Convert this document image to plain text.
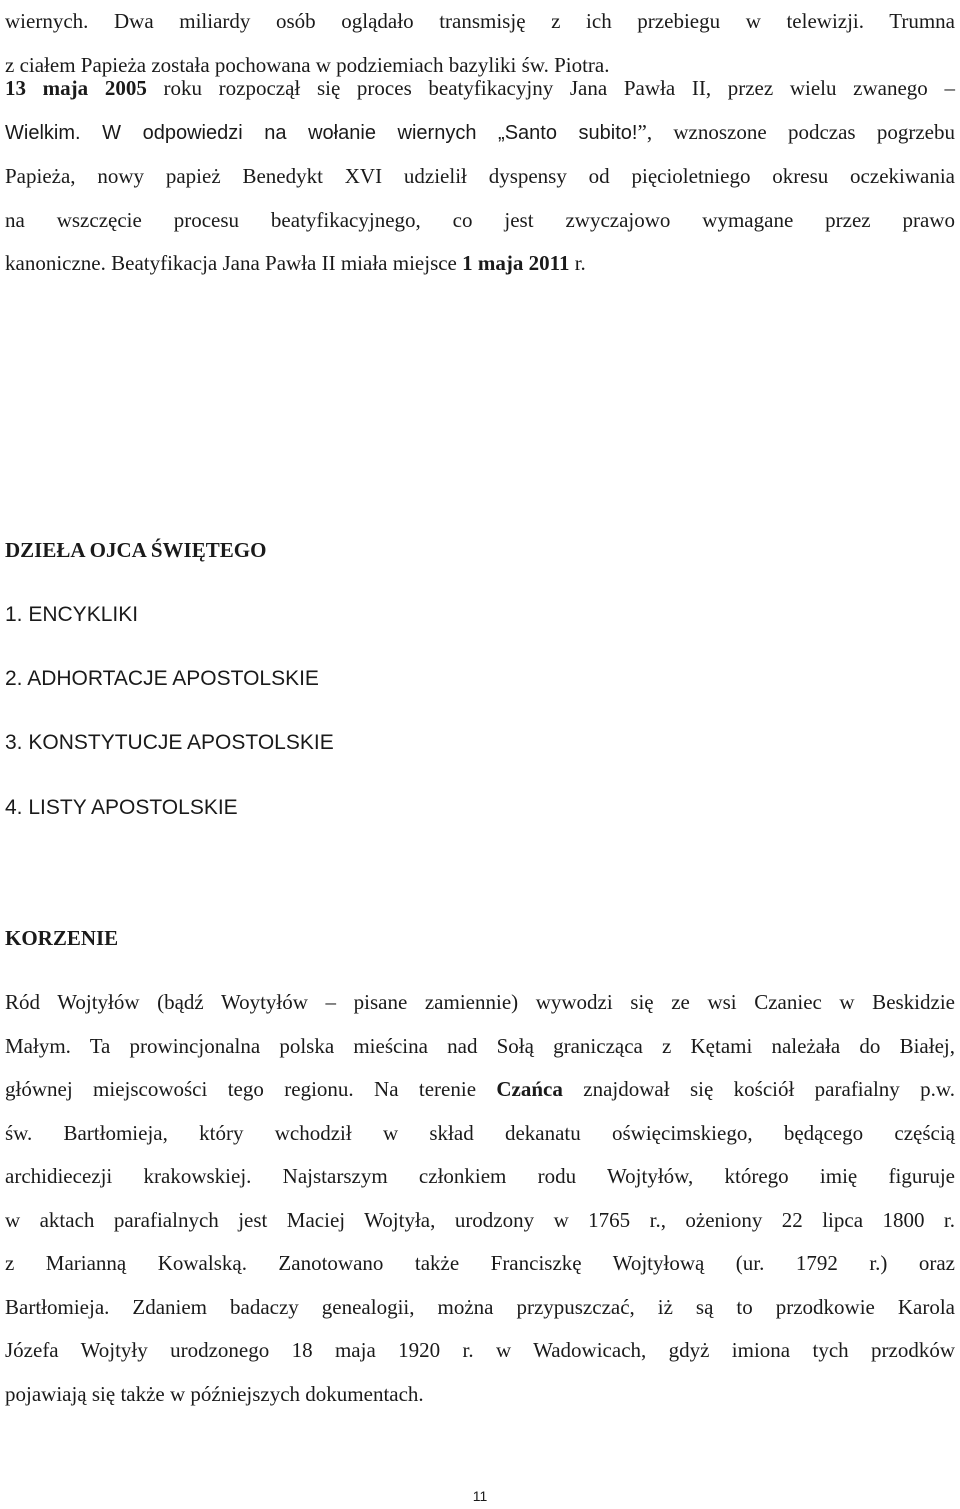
wiernych. Dwa miliardy osób oglądało transmisję z ich przebiegu w telewizji. Trumna
z ciałem Papieża została pochowana w podziemiach bazyliki św. Piotra.
13 maja 2005 roku rozpoczął się proces beatyfikacyjny Jana Pawła II, przez wielu zwanego –
Wielkim. W odpowiedzi na wołanie wiernych „Santo subito!”, wznoszone podczas pogrzebu
Papieża, nowy papież Benedykt XVI udzielił dyspensy od pięcioletniego okresu oczekiwania
na wszczęcie procesu beatyfikacyjnego, co jest zwyczajowo wymagane przez prawo
kanoniczne. Beatyfikacja Jana Pawła II miała miejsce 1 maja 2011 r.
DZIEŁA OJCA ŚWIĘTEGO
1. ENCYKLIKI
2. ADHORTACJE APOSTOLSKIE
3. KONSTYTUCJE APOSTOLSKIE
4. LISTY APOSTOLSKIE
KORZENIE
Ród Wojtyłów (bądź Woytyłów – pisane zamiennie) wywodzi się ze wsi Czaniec w Beskidzie
Małym. Ta prowincjonalna polska mieścina nad Sołą granicząca z Kętami należała do Białej,
głównej miejscowości tego regionu. Na terenie Czańca znajdował się kościół parafialny p.w.
św. Bartłomieja, który wchodził w skład dekanatu oświęcimskiego, będącego częścią
archidiecezji krakowskiej. Najstarszym członkiem rodu Wojtyłów, którego imię figuruje
w aktach parafialnych jest Maciej Wojtyła, urodzony w 1765 r., ożeniony 22 lipca 1800 r.
z Marianną Kowalską. Zanotowano także Franciszkę Wojtyłową (ur. 1792 r.) oraz
Bartłomieja. Zdaniem badaczy genealogii, można przypuszczać, iż są to przodkowie Karola
Józefa Wojtyły urodzonego 18 maja 1920 r. w Wadowicach, gdyż imiona tych przodków
pojawiają się także w późniejszych dokumentach.
11
